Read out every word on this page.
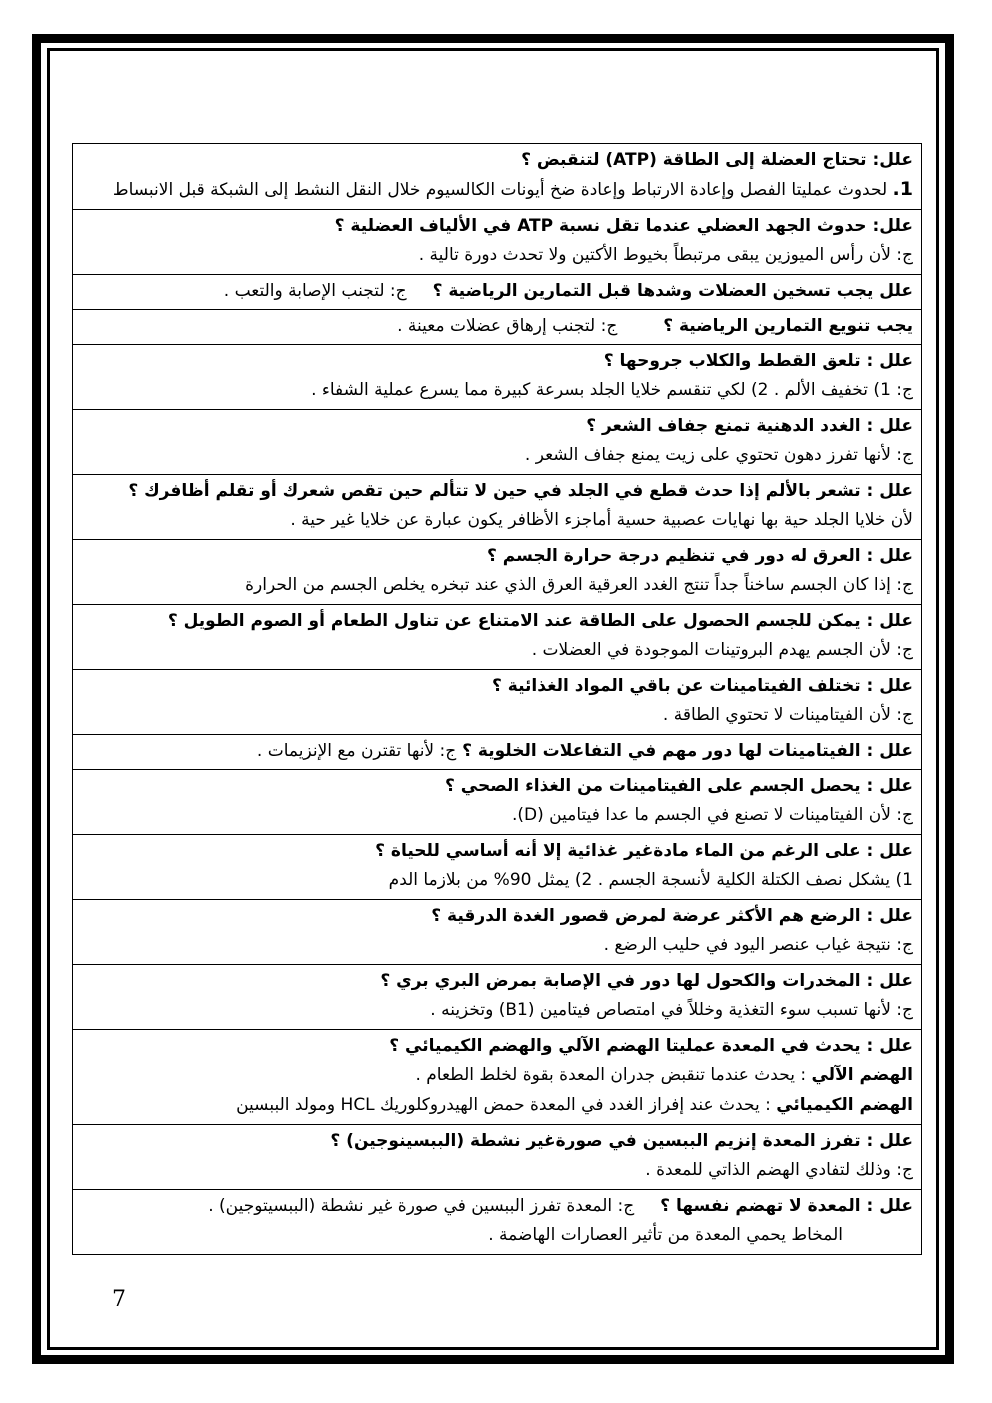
علل: تحتاج العضلة إلى الطاقة (ATP) لتنقبض ؟
1. لحدوث عمليتا الفصل وإعادة الارتباط وإعادة ضخ أيونات الكالسيوم خلال النقل النشط إلى الشبكة قبل الانبساط
علل: حدوث الجهد العضلي عندما تقل نسبة ATP في الألياف العضلية ؟
ج: لأن رأس الميوزين يبقى مرتبطاً بخيوط الأكتين ولا تحدث دورة تالية .
علل يجب تسخين العضلات وشدها قبل التمارين الرياضية ؟ ج: لتجنب الإصابة والتعب .
يجب تنويع التمارين الرياضية ؟ ج: لتجنب إرهاق عضلات معينة .
علل : تلعق القطط والكلاب جروحها ؟
ج: 1) تخفيف الألم . 2) لكي تنقسم خلايا الجلد بسرعة كبيرة مما يسرع عملية الشفاء .
علل : الغدد الدهنية تمنع جفاف الشعر ؟
ج: لأنها تفرز دهون تحتوي على زيت يمنع جفاف الشعر .
علل : تشعر بالألم إذا حدث قطع في الجلد في حين لا تتألم حين تقص شعرك أو تقلم أظافرك ؟
لأن خلايا الجلد حية بها نهايات عصبية حسية أماجزء الأظافر يكون عبارة عن خلايا غير حية .
علل : العرق له دور في تنظيم درجة حرارة الجسم ؟
ج: إذا كان الجسم ساخناً جداً تنتج الغدد العرقية العرق الذي عند تبخره يخلص الجسم من الحرارة
علل : يمكن للجسم الحصول على الطاقة عند الامتناع عن تناول الطعام أو الصوم الطويل ؟
ج: لأن الجسم يهدم البروتينات الموجودة في العضلات .
علل : تختلف الفيتامينات عن باقي المواد الغذائية ؟
ج: لأن الفيتامينات لا تحتوي الطاقة .
علل : الفيتامينات لها دور مهم في التفاعلات الخلوية ؟ ج: لأنها تقترن مع الإنزيمات .
علل : يحصل الجسم على الفيتامينات من الغذاء الصحي ؟
ج: لأن الفيتامينات لا تصنع في الجسم ما عدا فيتامين (D).
علل : على الرغم من الماء مادةغير غذائية إلا أنه أساسي للحياة ؟
1) يشكل نصف الكتلة الكلية لأنسجة الجسم . 2) يمثل 90% من بلازما الدم
علل : الرضع هم الأكثر عرضة لمرض قصور الغدة الدرقية ؟
ج: نتيجة غياب عنصر اليود في حليب الرضع .
علل : المخدرات والكحول لها دور في الإصابة بمرض البري بري ؟
ج: لأنها تسبب سوء التغذية وخللاً في امتصاص فيتامين (B1) وتخزينه .
علل : يحدث في المعدة عمليتا الهضم الآلي والهضم الكيميائي ؟
الهضم الآلي : يحدث عندما تنقبض جدران المعدة بقوة لخلط الطعام .
الهضم الكيميائي : يحدث عند إفراز الغدد في المعدة حمض الهيدروكلوريك HCL ومولد الببسين
علل : تفرز المعدة إنزيم الببسين في صورةغير نشطة (الببسينوجين) ؟
ج: وذلك لتفادي الهضم الذاتي للمعدة .
علل : المعدة لا تهضم نفسها ؟ ج: المعدة تفرز الببسين في صورة غير نشطة (الببسيتوجين) .
المخاط يحمي المعدة من تأثير العصارات الهاضمة .
7
